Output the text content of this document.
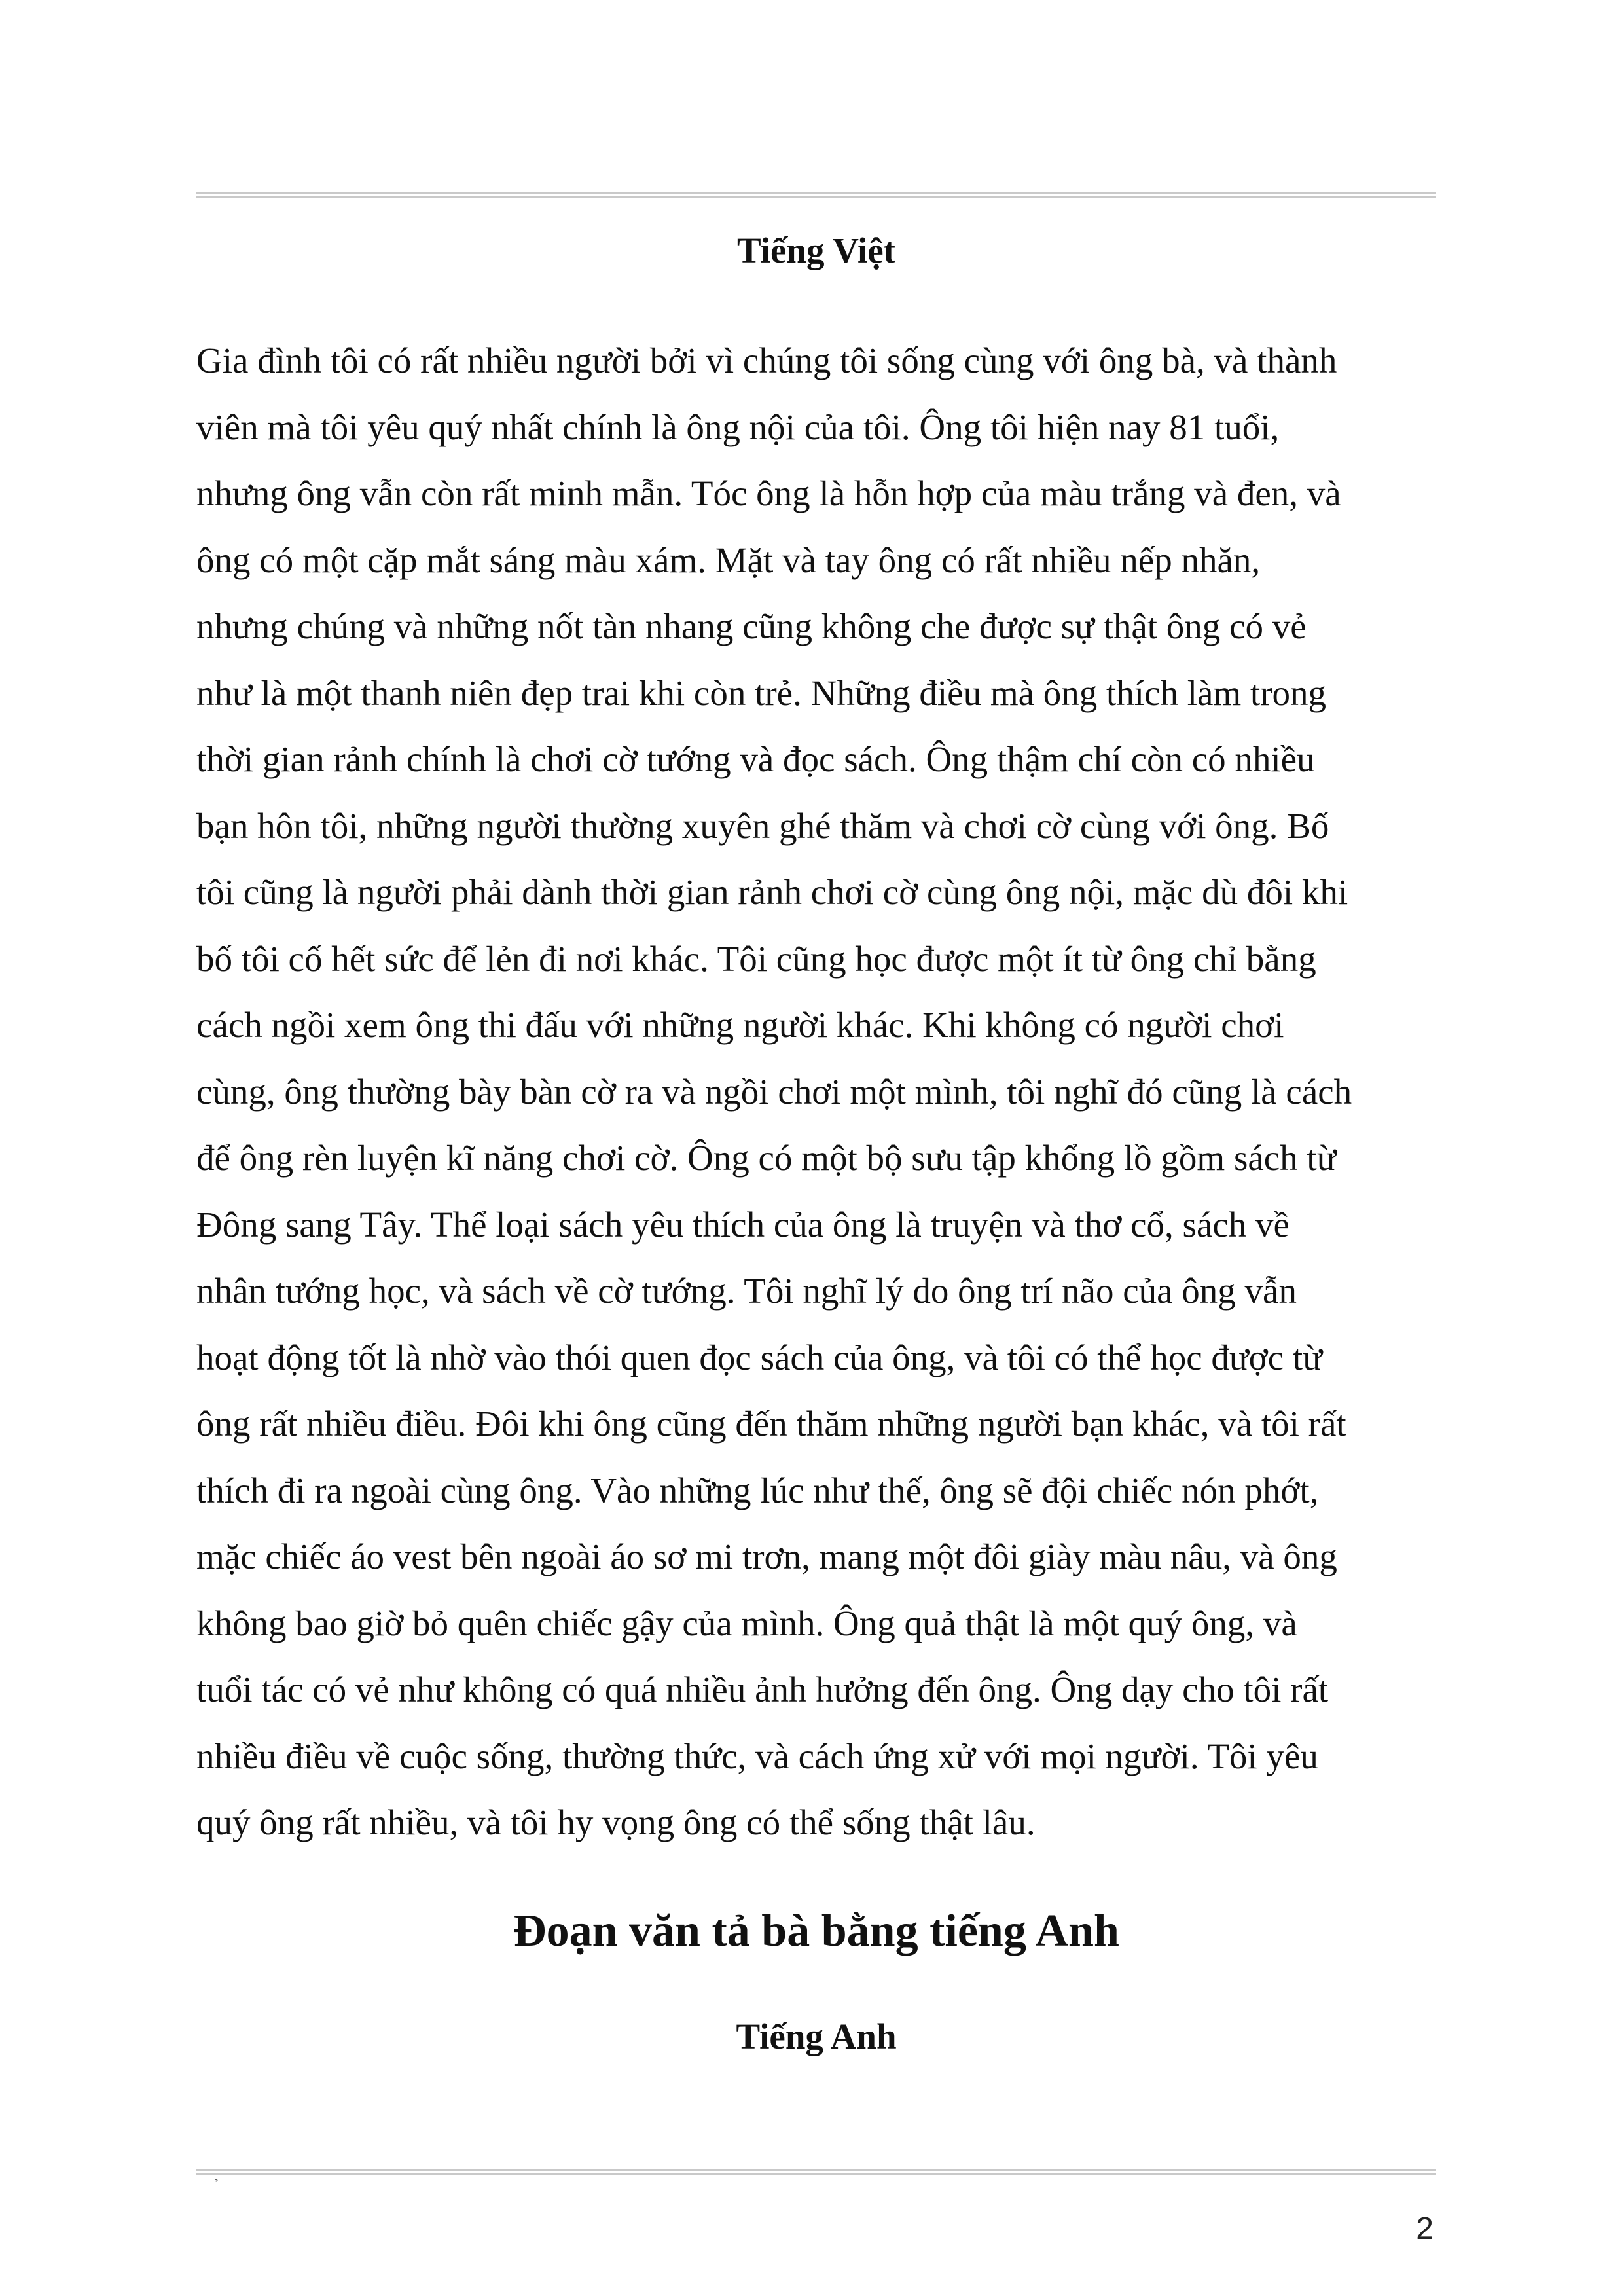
Tiếng Việt

Gia đình tôi có rất nhiều người bởi vì chúng tôi sống cùng với ông bà, và thành
viên mà tôi yêu quý nhất chính là ông nội của tôi. Ông tôi hiện nay 81 tuổi,
nhưng ông vẫn còn rất minh mẫn. Tóc ông là hỗn hợp của màu trắng và đen, và
ông có một cặp mắt sáng màu xám. Mặt và tay ông có rất nhiều nếp nhăn,
nhưng chúng và những nốt tàn nhang cũng không che được sự thật ông có vẻ
như là một thanh niên đẹp trai khi còn trẻ. Những điều mà ông thích làm trong
thời gian rảnh chính là chơi cờ tướng và đọc sách. Ông thậm chí còn có nhiều
bạn hôn tôi, những người thường xuyên ghé thăm và chơi cờ cùng với ông. Bố
tôi cũng là người phải dành thời gian rảnh chơi cờ cùng ông nội, mặc dù đôi khi
bố tôi cố hết sức để lẻn đi nơi khác. Tôi cũng học được một ít từ ông chỉ bằng
cách ngồi xem ông thi đấu với những người khác. Khi không có người chơi
cùng, ông thường bày bàn cờ ra và ngồi chơi một mình, tôi nghĩ đó cũng là cách
để ông rèn luyện kĩ năng chơi cờ. Ông có một bộ sưu tập khổng lồ gồm sách từ
Đông sang Tây. Thể loại sách yêu thích của ông là truyện và thơ cổ, sách về
nhân tướng học, và sách về cờ tướng. Tôi nghĩ lý do ông trí não của ông vẫn
hoạt động tốt là nhờ vào thói quen đọc sách của ông, và tôi có thể học được từ
ông rất nhiều điều. Đôi khi ông cũng đến thăm những người bạn khác, và tôi rất
thích đi ra ngoài cùng ông. Vào những lúc như thế, ông sẽ đội chiếc nón phớt,
mặc chiếc áo vest bên ngoài áo sơ mi trơn, mang một đôi giày màu nâu, và ông
không bao giờ bỏ quên chiếc gậy của mình. Ông quả thật là một quý ông, và
tuổi tác có vẻ như không có quá nhiều ảnh hưởng đến ông. Ông dạy cho tôi rất
nhiều điều về cuộc sống, thường thức, và cách ứng xử với mọi người. Tôi yêu
quý ông rất nhiều, và tôi hy vọng ông có thể sống thật lâu.

Đoạn văn tả bà bằng tiếng Anh
Tiếng Anh
2
